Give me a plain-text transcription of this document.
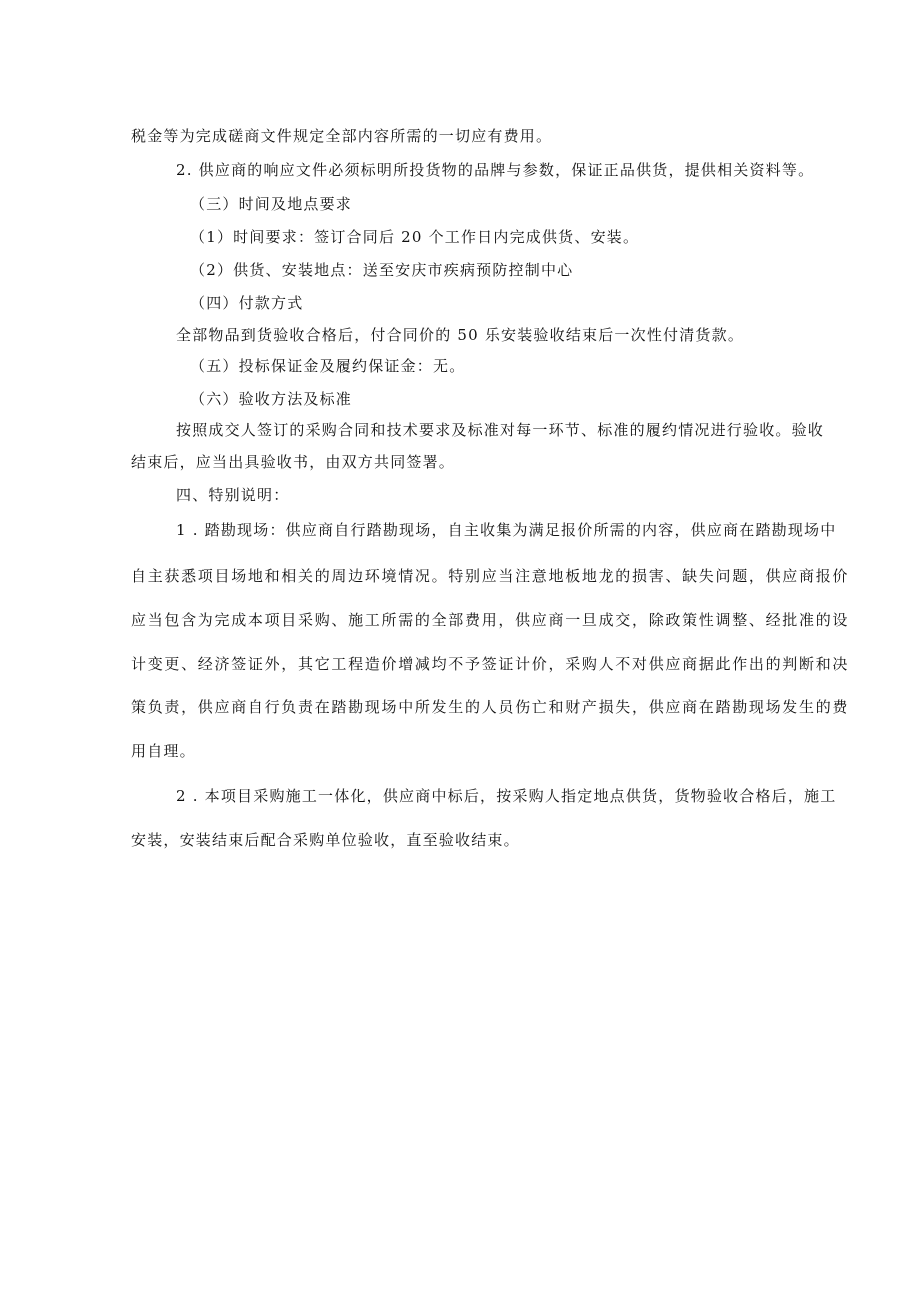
税金等为完成磋商文件规定全部内容所需的一切应有费用。
2. 供应商的响应文件必须标明所投货物的品牌与参数，保证正品供货，提供相关资料等。
（三）时间及地点要求
（1）时间要求：签订合同后 20 个工作日内完成供货、安装。
（2）供货、安装地点：送至安庆市疾病预防控制中心
（四）付款方式
全部物品到货验收合格后，付合同价的 50 乐安装验收结束后一次性付清货款。
（五）投标保证金及履约保证金：无。
（六）验收方法及标准
按照成交人签订的采购合同和技术要求及标准对每一环节、标准的履约情况进行验收。验收
结束后，应当出具验收书，由双方共同签署。
四、特别说明：
1 . 踏勘现场：供应商自行踏勘现场，自主收集为满足报价所需的内容，供应商在踏勘现场中
自主获悉项目场地和相关的周边环境情况。特别应当注意地板地龙的损害、缺失问题，供应商报价
应当包含为完成本项目采购、施工所需的全部费用，供应商一旦成交，除政策性调整、经批准的设
计变更、经济签证外，其它工程造价增减均不予签证计价，采购人不对供应商据此作出的判断和决
策负责，供应商自行负责在踏勘现场中所发生的人员伤亡和财产损失，供应商在踏勘现场发生的费
用自理。
2 . 本项目采购施工一体化，供应商中标后，按采购人指定地点供货，货物验收合格后，施工
安装，安装结束后配合采购单位验收，直至验收结束。
